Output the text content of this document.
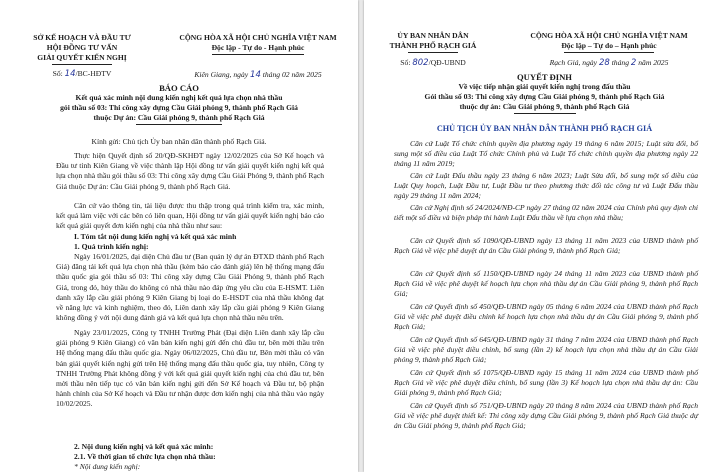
SỞ KẾ HOẠCH VÀ ĐẦU TƯ

HỘI ĐỒNG TƯ VẤN

GIẢI QUYẾT KIẾN NGHỊ

CỘNG HÒA XÃ HỘI CHỦ NGHĨA VIỆT NAM

Độc lập - Tự do - Hạnh phúc

Số: 14/BC-HĐTV	Kiên Giang, ngày 14 tháng 02 năm 2025

BÁO CÁO

Kết quả xác minh nội dung kiến nghị kết quả lựa chọn nhà thầu

gói thầu số 03: Thi công xây dựng Cầu Giải phóng 9, thành phố Rạch Giá

thuộc Dự án: Cầu Giải phóng 9, thành phố Rạch Giá

Kính gửi: Chủ tịch Ủy ban nhân dân thành phố Rạch Giá.

Thực hiện Quyết định số 20/QĐ-SKHĐT ngày 12/02/2025 của Sở Kế hoạch và Đầu tư tỉnh Kiên Giang về việc thành lập Hội đồng tư vấn giải quyết kiến nghị kết quả lựa chọn nhà thầu gói thầu số 03: Thi công xây dựng Cầu Giải Phóng 9, thành phố Rạch Giá thuộc Dự án: Cầu Giải phóng 9, thành phố Rạch Giá.

Căn cứ vào thông tin, tài liệu được thu thập trong quá trình kiểm tra, xác minh, kết quả làm việc với các bên có liên quan, Hội đồng tư vấn giải quyết kiến nghị báo cáo kết quả giải quyết đơn kiến nghị của nhà thầu như sau:

I. Tóm tắt nội dung kiến nghị và kết quả xác minh

1. Quá trình kiến nghị:

Ngày 16/01/2025, đại diện Chủ đầu tư (Ban quản lý dự án ĐTXD thành phố Rạch Giá) đăng tải kết quả lựa chọn nhà thầu (kèm báo cáo đánh giá) lên hệ thống mạng đấu thầu quốc gia gói thầu số 03: Thi công xây dựng Cầu Giải Phóng 9, thành phố Rạch Giá, trong đó, hủy thầu do không có nhà thầu nào đáp ứng yêu cầu của E-HSMT. Liên danh xây lắp cầu giải phóng 9 Kiên Giang bị loại do E-HSDT của nhà thầu không đạt về năng lực và kinh nghiệm, theo đó, Liên danh xây lắp cầu giải phóng 9 Kiên Giang không đồng ý với nội dung đánh giá và kết quả lựa chọn nhà thầu nêu trên.

Ngày 23/01/2025, Công ty TNHH Trường Phát (Đại diện Liên danh xây lắp cầu giải phóng 9 Kiên Giang) có văn bản kiến nghị gửi đến chủ đầu tư, bên mời thầu trên Hệ thống mạng đấu thầu quốc gia. Ngày 06/02/2025, Chủ đầu tư, Bên mời thầu có văn bản giải quyết kiến nghị gửi trên Hệ thống mạng đấu thầu quốc gia, tuy nhiên, Công ty TNHH Trường Phát không đồng ý với kết quả giải quyết kiến nghị của chủ đầu tư, bên mời thầu nên tiếp tục có văn bản kiến nghị gửi đến Sở Kế hoạch và Đầu tư, bộ phận hành chính của Sở Kế hoạch và Đầu tư nhận được đơn kiến nghị của nhà thầu vào ngày 10/02/2025.

2. Nội dung kiến nghị và kết quả xác minh:

2.1. Về thời gian tổ chức lựa chọn nhà thầu:

* Nội dung kiến nghị:

ỦY BAN NHÂN DÂN

THÀNH PHỐ RẠCH GIÁ

CỘNG HÒA XÃ HỘI CHỦ NGHĨA VIỆT NAM

Độc lập – Tự do – Hạnh phúc

Số: 802/QĐ-UBND	Rạch Giá, ngày 28 tháng 2 năm 2025

QUYẾT ĐỊNH

Về việc tiếp nhận giải quyết kiến nghị trong đấu thầu

Gói thầu số 03: Thi công xây dựng Cầu Giải phóng 9, thành phố Rạch Giá

thuộc dự án: Cầu Giải phóng 9, thành phố Rạch Giá

CHỦ TỊCH ỦY BAN NHÂN DÂN THÀNH PHỐ RẠCH GIÁ

Căn cứ Luật Tổ chức chính quyền địa phương ngày 19 tháng 6 năm 2015; Luật sửa đổi, bổ sung một số điều của Luật Tổ chức Chính phủ và Luật Tổ chức chính quyền địa phương ngày 22 tháng 11 năm 2019;

Căn cứ Luật Đấu thầu ngày 23 tháng 6 năm 2023; Luật Sửa đổi, bổ sung một số điều của Luật Quy hoạch, Luật Đầu tư, Luật Đầu tư theo phương thức đối tác công tư và Luật Đấu thầu ngày 29 tháng 11 năm 2024;

Căn cứ Nghị định số 24/2024/NĐ-CP ngày 27 tháng 02 năm 2024 của Chính phủ quy định chi tiết một số điều và biện pháp thi hành Luật Đấu thầu về lựa chọn nhà thầu;

Căn cứ Quyết định số 1090/QĐ-UBND ngày 13 tháng 11 năm 2023 của UBND thành phố Rạch Giá về việc phê duyệt dự án Cầu Giải phóng 9, thành phố Rạch Giá;

Căn cứ Quyết định số 1150/QĐ-UBND ngày 24 tháng 11 năm 2023 của UBND thành phố Rạch Giá về việc phê duyệt kế hoạch lựa chọn nhà thầu dự án Cầu Giải phóng 9, thành phố Rạch Giá;

Căn cứ Quyết định số 450/QĐ-UBND ngày 05 tháng 6 năm 2024 của UBND thành phố Rạch Giá về việc phê duyệt điều chỉnh kế hoạch lựa chọn nhà thầu dự án Cầu Giải phóng 9, thành phố Rạch Giá;

Căn cứ Quyết định số 645/QĐ-UBND ngày 31 tháng 7 năm 2024 của UBND thành phố Rạch Giá về việc phê duyệt điều chỉnh, bổ sung (lần 2) kế hoạch lựa chọn nhà thầu dự án Cầu Giải phóng 9, thành phố Rạch Giá;

Căn cứ Quyết định số 1075/QĐ-UBND ngày 15 tháng 11 năm 2024 của UBND thành phố Rạch Giá về việc phê duyệt điều chỉnh, bổ sung (lần 3) Kế hoạch lựa chọn nhà thầu dự án: Cầu Giải phóng 9, thành phố Rạch Giá;

Căn cứ Quyết định số 751/QĐ-UBND ngày 20 tháng 8 năm 2024 của UBND thành phố Rạch Giá về việc phê duyệt thiết kế: Thi công xây dựng Cầu Giải phóng 9, thành phố Rạch Giá thuộc dự án Cầu Giải phóng 9, thành phố Rạch Giá;
